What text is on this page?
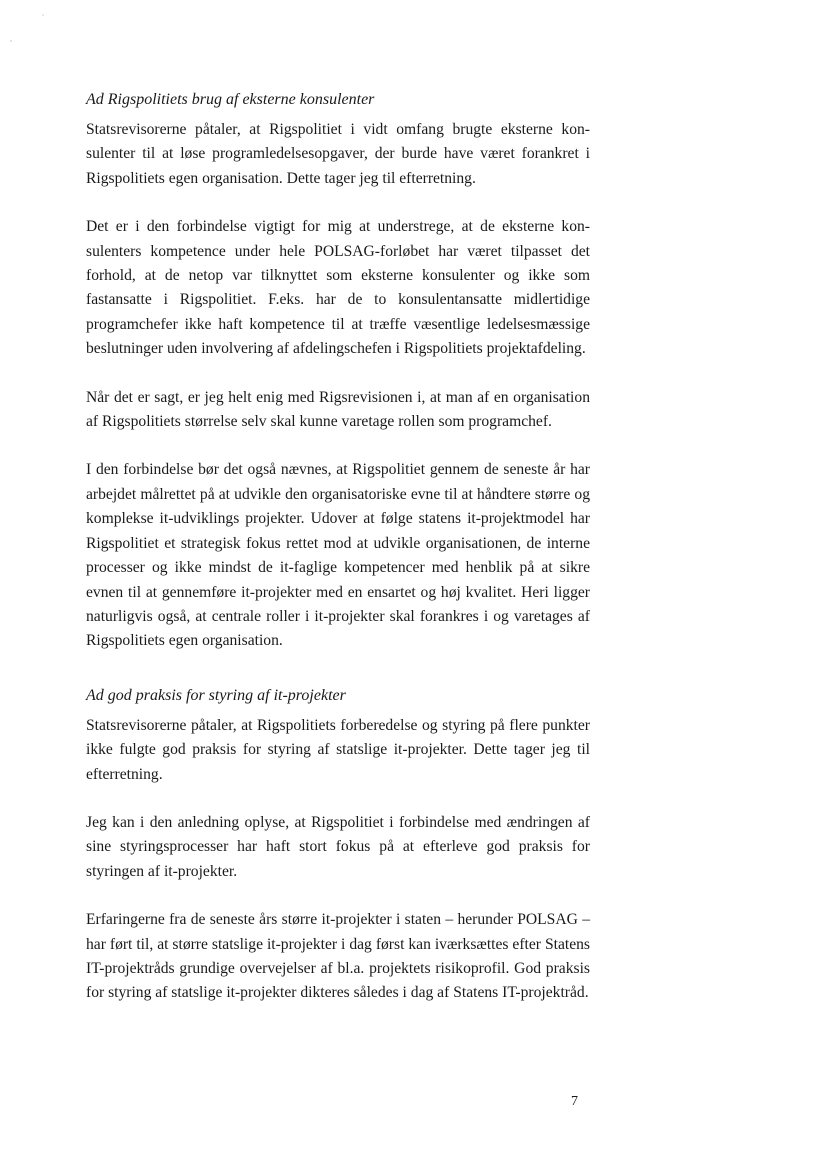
Ad Rigspolitiets brug af eksterne konsulenter

Statsrevisorerne påtaler, at Rigspolitiet i vidt omfang brugte eksterne konsulenter til at løse programledelsesopgaver, der burde have været forankret i Rigspolitiets egen organisation. Dette tager jeg til efterretning.

Det er i den forbindelse vigtigt for mig at understrege, at de eksterne konsulenters kompetence under hele POLSAG-forløbet har været tilpasset det forhold, at de netop var tilknyttet som eksterne konsulenter og ikke som fastansatte i Rigspolitiet. F.eks. har de to konsulentansatte midlertidige programchefer ikke haft kompetence til at træffe væsentlige ledelsesmæssige beslutninger uden involvering af afdelingschefen i Rigspolitiets projektafdeling.

Når det er sagt, er jeg helt enig med Rigsrevisionen i, at man af en organisation af Rigspolitiets størrelse selv skal kunne varetage rollen som programchef.

I den forbindelse bør det også nævnes, at Rigspolitiet gennem de seneste år har arbejdet målrettet på at udvikle den organisatoriske evne til at håndtere større og komplekse it-udviklings projekter. Udover at følge statens it-projektmodel har Rigspolitiet et strategisk fokus rettet mod at udvikle organisationen, de interne processer og ikke mindst de it-faglige kompetencer med henblik på at sikre evnen til at gennemføre it-projekter med en ensartet og høj kvalitet. Heri ligger naturligvis også, at centrale roller i it-projekter skal forankres i og varetages af Rigspolitiets egen organisation.

Ad god praksis for styring af it-projekter

Statsrevisorerne påtaler, at Rigspolitiets forberedelse og styring på flere punkter ikke fulgte god praksis for styring af statslige it-projekter. Dette tager jeg til efterretning.

Jeg kan i den anledning oplyse, at Rigspolitiet i forbindelse med ændringen af sine styringsprocesser har haft stort fokus på at efterleve god praksis for styringen af it-projekter.

Erfaringerne fra de seneste års større it-projekter i staten – herunder POLSAG – har ført til, at større statslige it-projekter i dag først kan iværksættes efter Statens IT-projektråds grundige overvejelser af bl.a. projektets risikoprofil. God praksis for styring af statslige it-projekter dikteres således i dag af Statens IT-projektråd.

7
